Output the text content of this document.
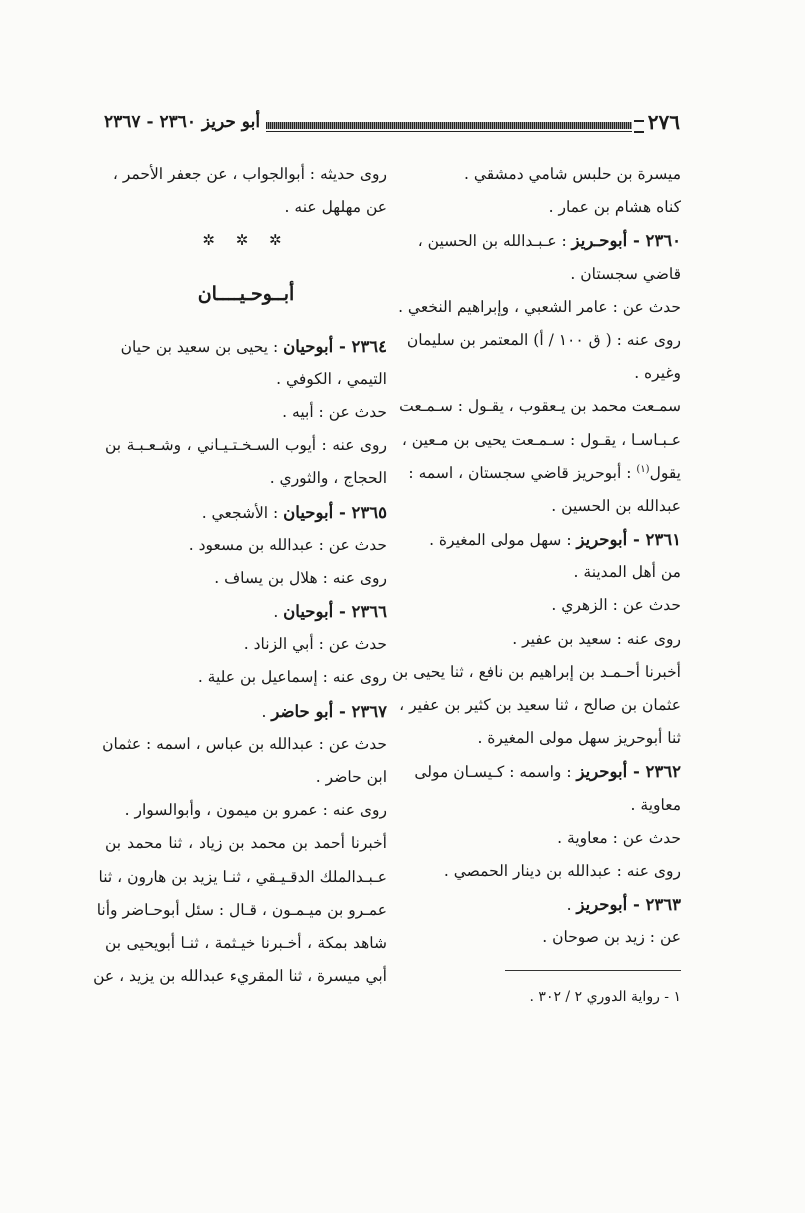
٢٧٦
أبو حريز ٢٣٦٠ - ٢٣٦٧
ميسرة بن حلبس شامي دمشقي .
كناه هشام بن عمار .
٢٣٦٠ - أبوحـريز : عـبـدالله بن الحسين ،
قاضي سجستان .
حدث عن : عامر الشعبي ، وإبراهيم النخعي .
روى عنه : ( ق ١٠٠ / أ) المعتمر بن سليمان
وغيره .
سمـعت محمد بن يـعقوب ، يقـول : سـمـعت
عـبـاسـا ، يقـول : سـمـعت يحيى بن مـعين ،
يقول$^{(١)}$ : أبوحريز قاضي سجستان ، اسمه :
عبدالله بن الحسين .
٢٣٦١ - أبوحريز : سهل مولى المغيرة .
من أهل المدينة .
حدث عن : الزهري .
روى عنه : سعيد بن عفير .
أخبرنا أحـمـد بن إبراهيم بن نافع ، ثنا يحيى بن
عثمان بن صالح ، ثنا سعيد بن كثير بن عفير ،
ثنا أبوحريز سهل مولى المغيرة .
٢٣٦٢ - أبوحريز : واسمه : كـيسـان مولى
معاوية .
حدث عن : معاوية .
روى عنه : عبدالله بن دينار الحمصي .
٢٣٦٣ - أبوحريز .
عن : زيد بن صوحان .
روى حديثه : أبوالجواب ، عن جعفر الأحمر ،
عن مهلهل عنه .
✲ ✲ ✲
أبــوحـيــــان
٢٣٦٤ - أبوحيان : يحيى بن سعيد بن حيان
التيمي ، الكوفي .
حدث عن : أبيه .
روى عنه : أيوب السـخـتـيـاني ، وشـعـبـة بن
الحجاج ، والثوري .
٢٣٦٥ - أبوحيان : الأشجعي .
حدث عن : عبدالله بن مسعود .
روى عنه : هلال بن يساف .
٢٣٦٦ - أبوحيان .
حدث عن : أبي الزناد .
روى عنه : إسماعيل بن علية .
٢٣٦٧ - أبو حاضر .
حدث عن : عبدالله بن عباس ، اسمه : عثمان
ابن حاضر .
روى عنه : عمرو بن ميمون ، وأبوالسوار .
أخبرنا أحمد بن محمد بن زياد ، ثنا محمد بن
عـبـدالملك الدقـيـقي ، ثنـا يزيد بن هارون ، ثنا
عمـرو بن ميـمـون ، قـال : سئل أبوحـاضر وأنا
شاهد بمكة ، أخـبرنا خيـثمة ، ثنـا أبويحيى بن
أبي ميسرة ، ثنا المقريء عبدالله بن يزيد ، عن
١ - رواية الدوري ٢ / ٣٠٢ .
